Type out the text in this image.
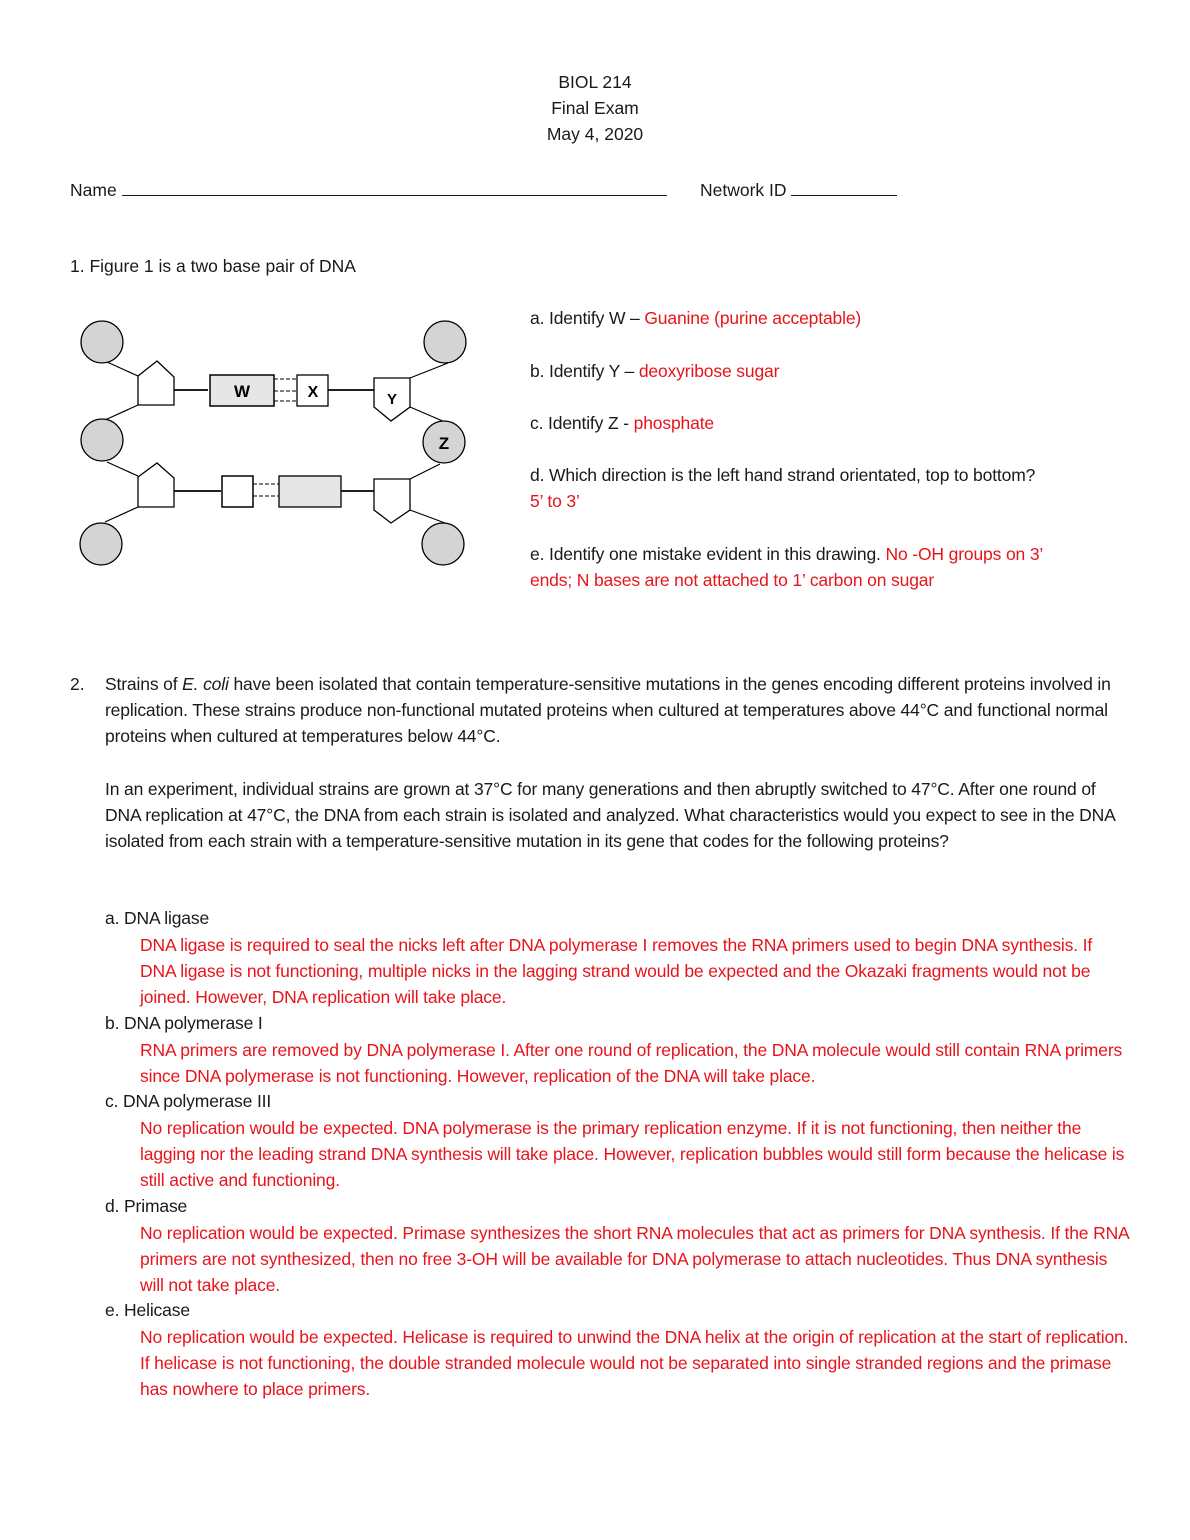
BIOL 214
Final Exam
May 4, 2020
Name	Network ID
1. Figure 1 is a two base pair of DNA
W	X	Y
Z
a. Identify W – Guanine (purine acceptable)
b. Identify Y – deoxyribose sugar
c. Identify Z - phosphate
d. Which direction is the left hand strand orientated, top to bottom?
5’ to 3’
e. Identify one mistake evident in this drawing. No -OH groups on 3’
ends; N bases are not attached to 1’ carbon on sugar
2. Strains of E. coli have been isolated that contain temperature-sensitive mutations in the genes encoding different proteins involved in replication. These strains produce non-functional mutated proteins when cultured at temperatures above 44°C and functional normal proteins when cultured at temperatures below 44°C.
In an experiment, individual strains are grown at 37°C for many generations and then abruptly switched to 47°C. After one round of DNA replication at 47°C, the DNA from each strain is isolated and analyzed. What characteristics would you expect to see in the DNA isolated from each strain with a temperature-sensitive mutation in its gene that codes for the following proteins?
a. DNA ligase
DNA ligase is required to seal the nicks left after DNA polymerase I removes the RNA primers used to begin DNA synthesis. If DNA ligase is not functioning, multiple nicks in the lagging strand would be expected and the Okazaki fragments would not be joined. However, DNA replication will take place.
b. DNA polymerase I
RNA primers are removed by DNA polymerase I. After one round of replication, the DNA molecule would still contain RNA primers since DNA polymerase is not functioning. However, replication of the DNA will take place.
c. DNA polymerase III
No replication would be expected. DNA polymerase is the primary replication enzyme. If it is not functioning, then neither the lagging nor the leading strand DNA synthesis will take place. However, replication bubbles would still form because the helicase is still active and functioning.
d. Primase
No replication would be expected. Primase synthesizes the short RNA molecules that act as primers for DNA synthesis. If the RNA primers are not synthesized, then no free 3-OH will be available for DNA polymerase to attach nucleotides. Thus DNA synthesis will not take place.
e. Helicase
No replication would be expected. Helicase is required to unwind the DNA helix at the origin of replication at the start of replication. If helicase is not functioning, the double stranded molecule would not be separated into single stranded regions and the primase has nowhere to place primers.
